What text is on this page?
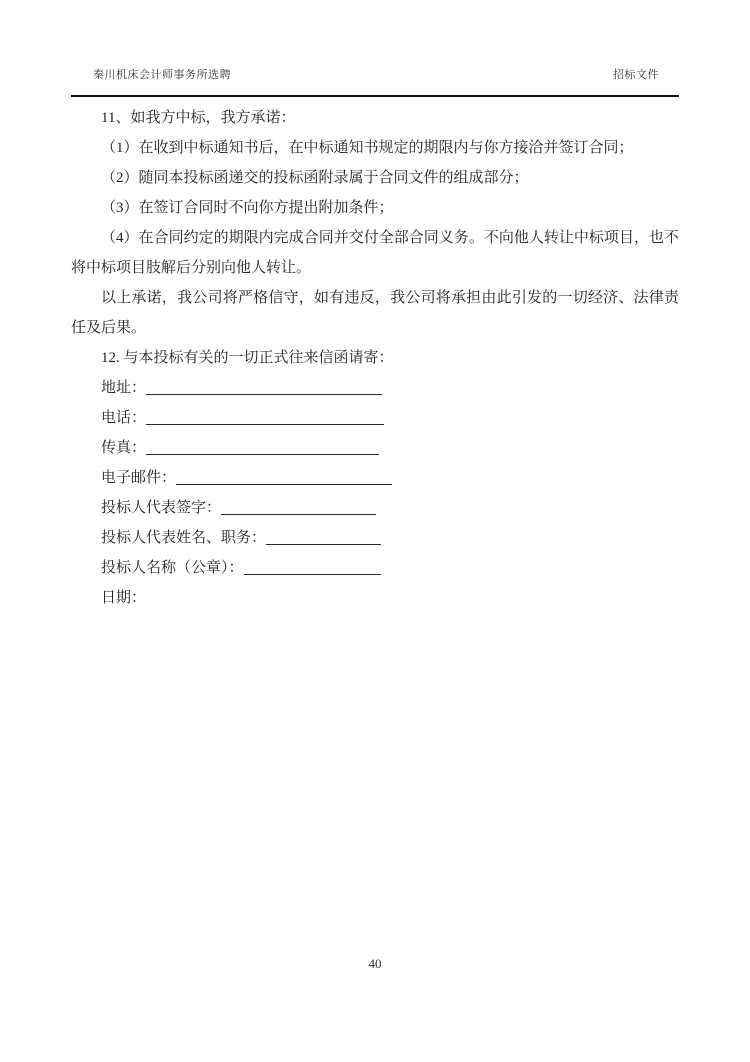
秦川机床会计师事务所选聘	招标文件

11、如我方中标，我方承诺：

（1）在收到中标通知书后，在中标通知书规定的期限内与你方接洽并签订合同；

（2）随同本投标函递交的投标函附录属于合同文件的组成部分；

（3）在签订合同时不向你方提出附加条件；

（4）在合同约定的期限内完成合同并交付全部合同义务。不向他人转让中标项目，也不将中标项目肢解后分别向他人转让。

以上承诺，我公司将严格信守，如有违反，我公司将承担由此引发的一切经济、法律责任及后果。

12. 与本投标有关的一切正式往来信函请寄：

地址：

电话：

传真：

电子邮件：

投标人代表签字：

投标人代表姓名、职务：

投标人名称（公章）：

日期：

40
